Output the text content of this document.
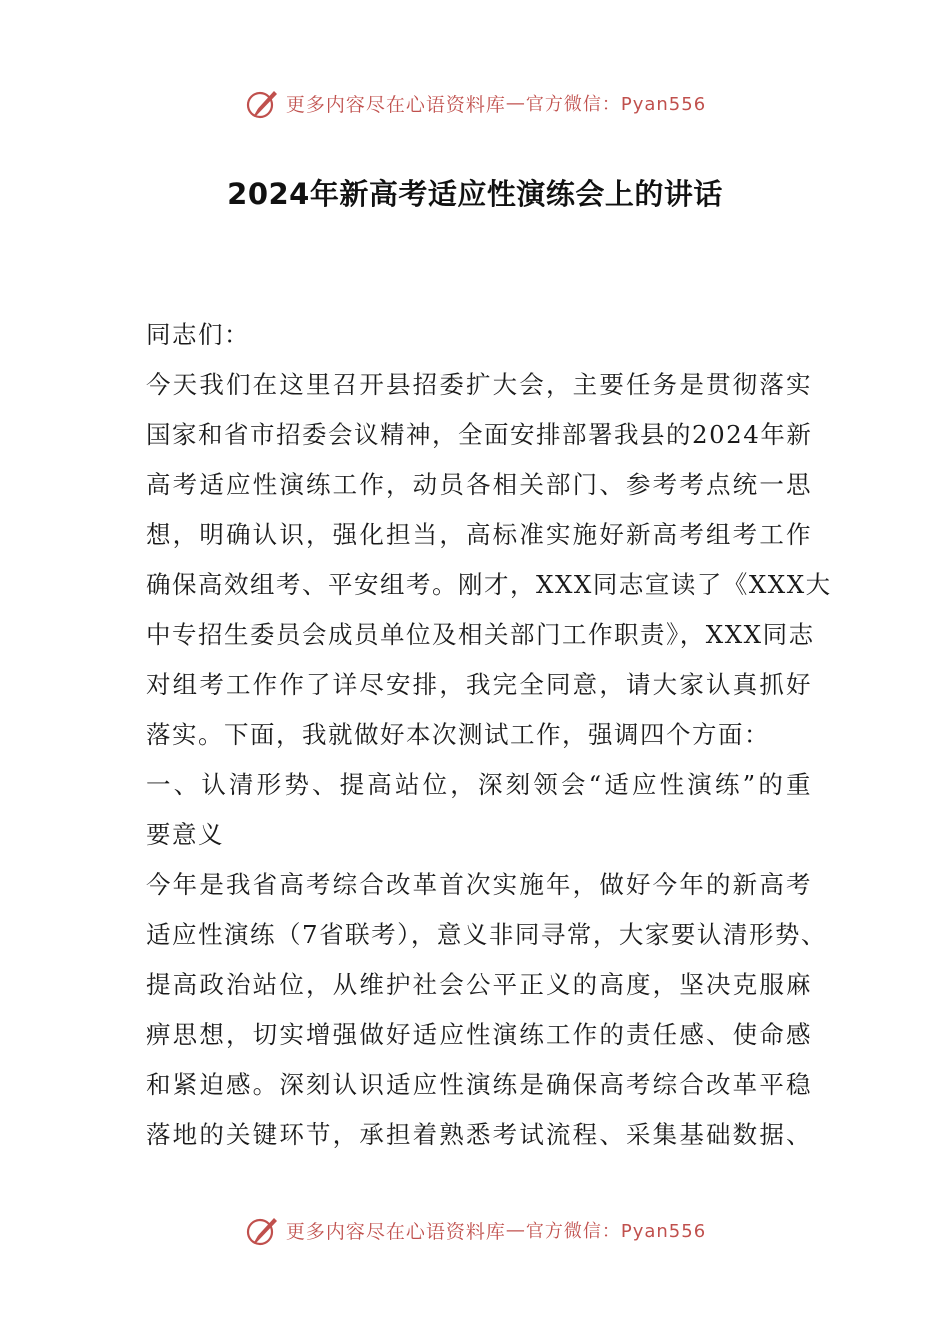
更多内容尽在心语资料库 — 官方微信：Pyan556
2024年新高考适应性演练会上的讲话
同志们：
今天我们在这里召开县招委扩大会，主要任务是贯彻落实
国家和省市招委会议精神，全面安排部署我县的2024年新
高考适应性演练工作，动员各相关部门、参考考点统一思
想，明确认识，强化担当，高标准实施好新高考组考工作
确保高效组考、平安组考。刚才，XXX同志宣读了《XXX大
中专招生委员会成员单位及相关部门工作职责》，XXX同志
对组考工作作了详尽安排，我完全同意，请大家认真抓好
落实。下面，我就做好本次测试工作，强调四个方面：
一、认清形势、提高站位，深刻领会“适应性演练”的重
要意义
今年是我省高考综合改革首次实施年，做好今年的新高考
适应性演练（7省联考），意义非同寻常，大家要认清形势、
提高政治站位，从维护社会公平正义的高度，坚决克服麻
痹思想，切实增强做好适应性演练工作的责任感、使命感
和紧迫感。深刻认识适应性演练是确保高考综合改革平稳
落地的关键环节，承担着熟悉考试流程、采集基础数据、
更多内容尽在心语资料库 — 官方微信：Pyan556
